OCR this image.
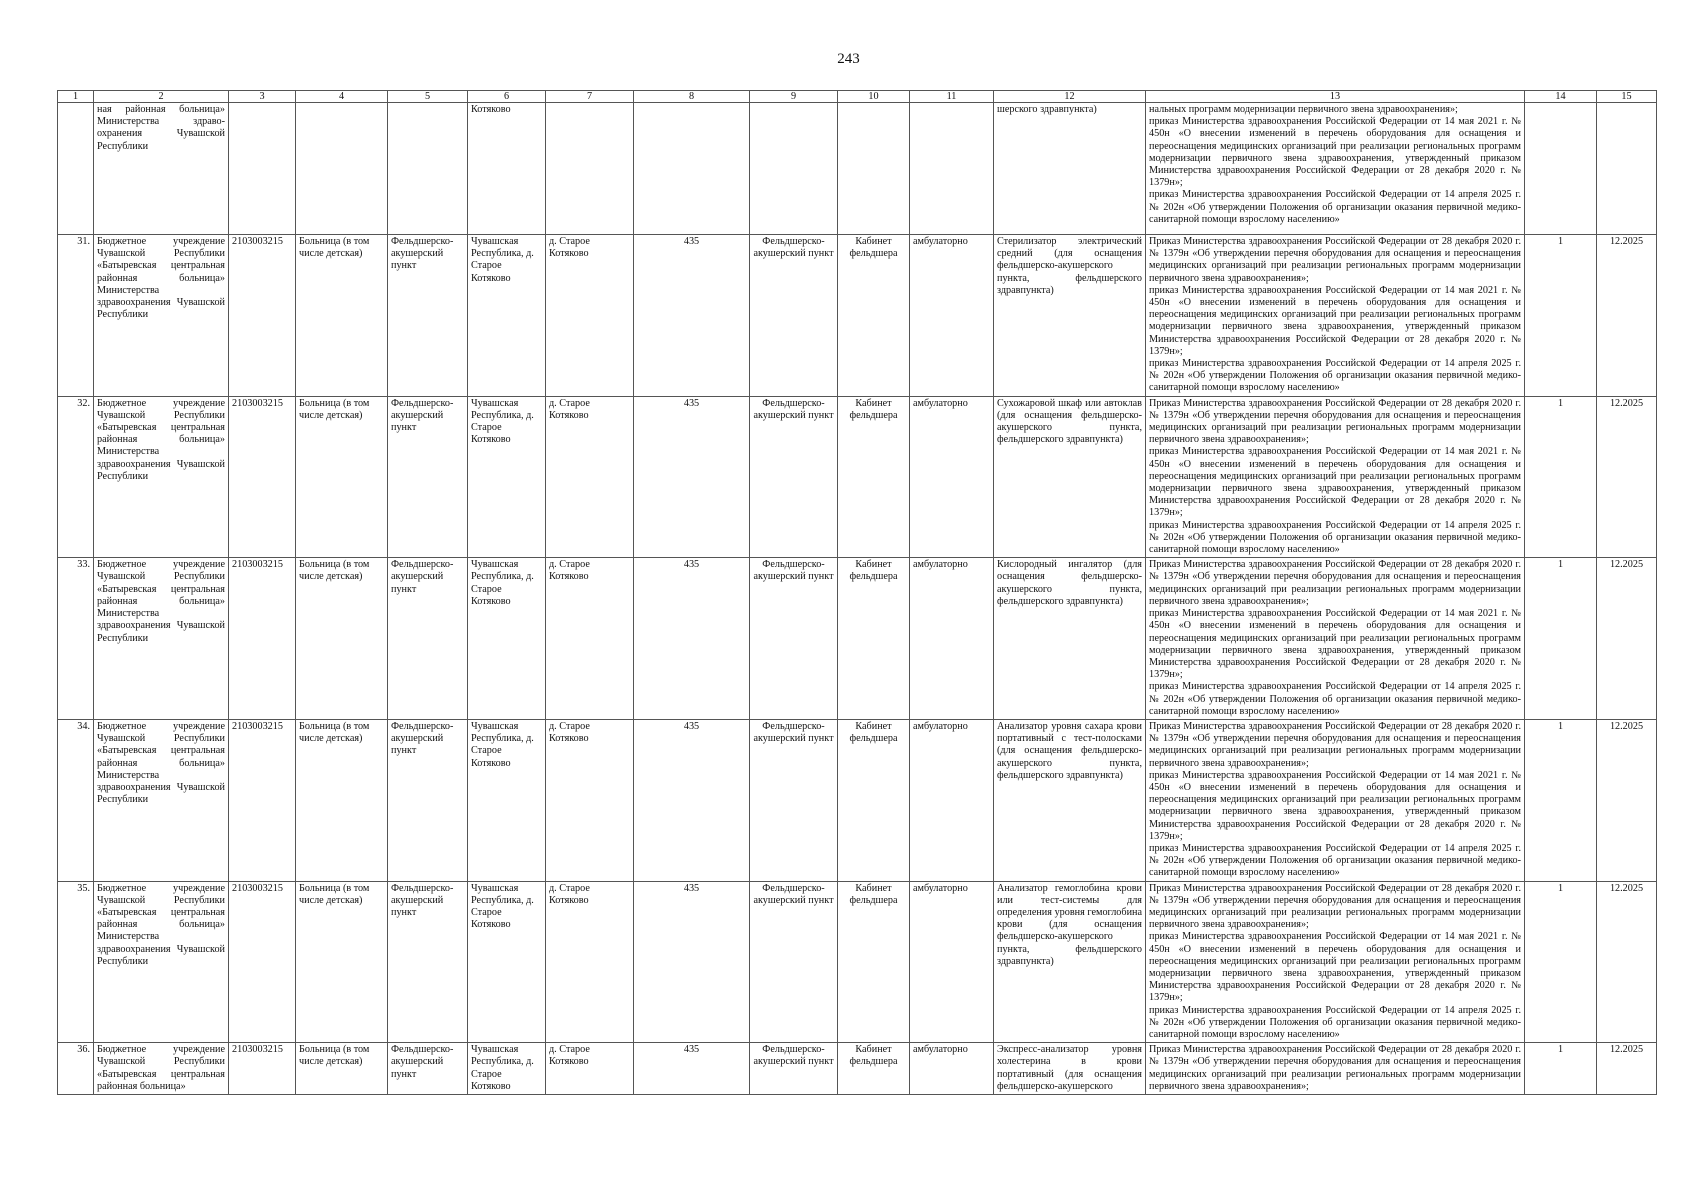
243
1	2	3	4	5	6	7	8	9	10	11	12	13	14	15
	ная районная больница» Министерства здраво-охранения Чувашской Республики				Котяково						шерского здравпункта)	нальных программ модернизации первичного звена здравоохранения»;
приказ Министерства здравоохранения Российской Федерации от 14 мая 2021 г. № 450н «О внесении изменений в перечень оборудования для оснащения и переоснащения медицинских организаций при реализации региональных программ модернизации первичного звена здравоохранения, утвержденный приказом Министерства здравоохранения Российской Федерации от 28 декабря 2020 г. № 1379н»;
приказ Министерства здравоохранения Российской Федерации от 14 апреля 2025 г. № 202н «Об утверждении Положения об организации оказания первичной медико-санитарной помощи взрослому населению»		
31.	Бюджетное учреждение Чувашской Республики «Батыревская центральная районная больница» Министерства здравоохранения Чувашской Республики	2103003215	Больница (в том числе детская)	Фельдшерско-акушерский пункт	Чувашская Республика, д. Старое Котяково	д. Старое Котяково	435	Фельдшерско-акушерский пункт	Кабинет фельдшера	амбулаторно	Стерилизатор электрический средний (для оснащения фельдшерско-акушерского пункта, фельдшерского здравпункта)	Приказ Министерства здравоохранения Российской Федерации от 28 декабря 2020 г. № 1379н «Об утверждении перечня оборудования для оснащения и переоснащения медицинских организаций при реализации региональных программ модернизации первичного звена здравоохранения»;
приказ Министерства здравоохранения Российской Федерации от 14 мая 2021 г. № 450н «О внесении изменений в перечень оборудования для оснащения и переоснащения медицинских организаций при реализации региональных программ модернизации первичного звена здравоохранения, утвержденный приказом Министерства здравоохранения Российской Федерации от 28 декабря 2020 г. № 1379н»;
приказ Министерства здравоохранения Российской Федерации от 14 апреля 2025 г. № 202н «Об утверждении Положения об организации оказания первичной медико-санитарной помощи взрослому населению»	1	12.2025
32.	Бюджетное учреждение Чувашской Республики «Батыревская центральная районная больница» Министерства здравоохранения Чувашской Республики	2103003215	Больница (в том числе детская)	Фельдшерско-акушерский пункт	Чувашская Республика, д. Старое Котяково	д. Старое Котяково	435	Фельдшерско-акушерский пункт	Кабинет фельдшера	амбулаторно	Сухожаровой шкаф или автоклав (для оснащения фельдшерско-акушерского пункта, фельдшерского здравпункта)	Приказ Министерства здравоохранения Российской Федерации от 28 декабря 2020 г. № 1379н «Об утверждении перечня оборудования для оснащения и переоснащения медицинских организаций при реализации региональных программ модернизации первичного звена здравоохранения»;
приказ Министерства здравоохранения Российской Федерации от 14 мая 2021 г. № 450н «О внесении изменений в перечень оборудования для оснащения и переоснащения медицинских организаций при реализации региональных программ модернизации первичного звена здравоохранения, утвержденный приказом Министерства здравоохранения Российской Федерации от 28 декабря 2020 г. № 1379н»;
приказ Министерства здравоохранения Российской Федерации от 14 апреля 2025 г. № 202н «Об утверждении Положения об организации оказания первичной медико-санитарной помощи взрослому населению»	1	12.2025
33.	Бюджетное учреждение Чувашской Республики «Батыревская центральная районная больница» Министерства здравоохранения Чувашской Республики	2103003215	Больница (в том числе детская)	Фельдшерско-акушерский пункт	Чувашская Республика, д. Старое Котяково	д. Старое Котяково	435	Фельдшерско-акушерский пункт	Кабинет фельдшера	амбулаторно	Кислородный ингалятор (для оснащения фельдшерско-акушерского пункта, фельдшерского здравпункта)	Приказ Министерства здравоохранения Российской Федерации от 28 декабря 2020 г. № 1379н «Об утверждении перечня оборудования для оснащения и переоснащения медицинских организаций при реализации региональных программ модернизации первичного звена здравоохранения»;
приказ Министерства здравоохранения Российской Федерации от 14 мая 2021 г. № 450н «О внесении изменений в перечень оборудования для оснащения и переоснащения медицинских организаций при реализации региональных программ модернизации первичного звена здравоохранения, утвержденный приказом Министерства здравоохранения Российской Федерации от 28 декабря 2020 г. № 1379н»;
приказ Министерства здравоохранения Российской Федерации от 14 апреля 2025 г. № 202н «Об утверждении Положения об организации оказания первичной медико-санитарной помощи взрослому населению»	1	12.2025
34.	Бюджетное учреждение Чувашской Республики «Батыревская центральная районная больница» Министерства здравоохранения Чувашской Республики	2103003215	Больница (в том числе детская)	Фельдшерско-акушерский пункт	Чувашская Республика, д. Старое Котяково	д. Старое Котяково	435	Фельдшерско-акушерский пункт	Кабинет фельдшера	амбулаторно	Анализатор уровня сахара крови портативный с тест-полосками (для оснащения фельдшерско-акушерского пункта, фельдшерского здравпункта)	Приказ Министерства здравоохранения Российской Федерации от 28 декабря 2020 г. № 1379н «Об утверждении перечня оборудования для оснащения и переоснащения медицинских организаций при реализации региональных программ модернизации первичного звена здравоохранения»;
приказ Министерства здравоохранения Российской Федерации от 14 мая 2021 г. № 450н «О внесении изменений в перечень оборудования для оснащения и переоснащения медицинских организаций при реализации региональных программ модернизации первичного звена здравоохранения, утвержденный приказом Министерства здравоохранения Российской Федерации от 28 декабря 2020 г. № 1379н»;
приказ Министерства здравоохранения Российской Федерации от 14 апреля 2025 г. № 202н «Об утверждении Положения об организации оказания первичной медико-санитарной помощи взрослому населению»	1	12.2025
35.	Бюджетное учреждение Чувашской Республики «Батыревская центральная районная больница» Министерства здравоохранения Чувашской Республики	2103003215	Больница (в том числе детская)	Фельдшерско-акушерский пункт	Чувашская Республика, д. Старое Котяково	д. Старое Котяково	435	Фельдшерско-акушерский пункт	Кабинет фельдшера	амбулаторно	Анализатор гемоглобина крови или тест-системы для определения уровня гемоглобина крови (для оснащения фельдшерско-акушерского пункта, фельдшерского здравпункта)	Приказ Министерства здравоохранения Российской Федерации от 28 декабря 2020 г. № 1379н «Об утверждении перечня оборудования для оснащения и переоснащения медицинских организаций при реализации региональных программ модернизации первичного звена здравоохранения»;
приказ Министерства здравоохранения Российской Федерации от 14 мая 2021 г. № 450н «О внесении изменений в перечень оборудования для оснащения и переоснащения медицинских организаций при реализации региональных программ модернизации первичного звена здравоохранения, утвержденный приказом Министерства здравоохранения Российской Федерации от 28 декабря 2020 г. № 1379н»;
приказ Министерства здравоохранения Российской Федерации от 14 апреля 2025 г. № 202н «Об утверждении Положения об организации оказания первичной медико-санитарной помощи взрослому населению»	1	12.2025
36.	Бюджетное учреждение Чувашской Республики «Батыревская центральная районная больница»	2103003215	Больница (в том числе детская)	Фельдшерско-акушерский пункт	Чувашская Республика, д. Старое Котяково	д. Старое Котяково	435	Фельдшерско-акушерский пункт	Кабинет фельдшера	амбулаторно	Экспресс-анализатор уровня холестерина в крови портативный (для оснащения фельдшерско-акушерского	Приказ Министерства здравоохранения Российской Федерации от 28 декабря 2020 г. № 1379н «Об утверждении перечня оборудования для оснащения и переоснащения медицинских организаций при реализации региональных программ модернизации первичного звена здравоохранения»;	1	12.2025
